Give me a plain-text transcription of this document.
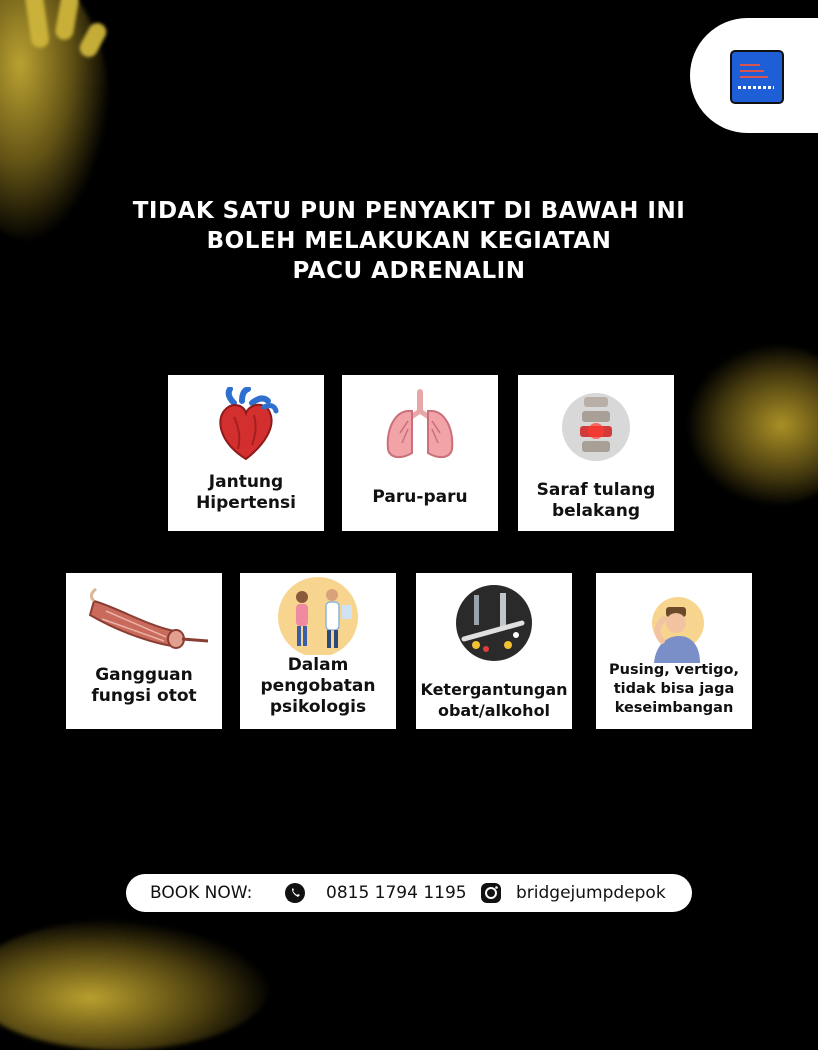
TIDAK SATU PUN PENYAKIT DI BAWAH INI
BOLEH MELAKUKAN KEGIATAN
PACU ADRENALIN
Jantung
Hipertensi	Paru-paru	Saraf tulang
belakang
Gangguan
fungsi otot
Dalam
pengobatan
psikologis
Ketergantungan
obat/alkohol
Pusing, vertigo,
tidak bisa jaga
keseimbangan
BOOK NOW:	0815 1794 1195	bridgejumpdepok
